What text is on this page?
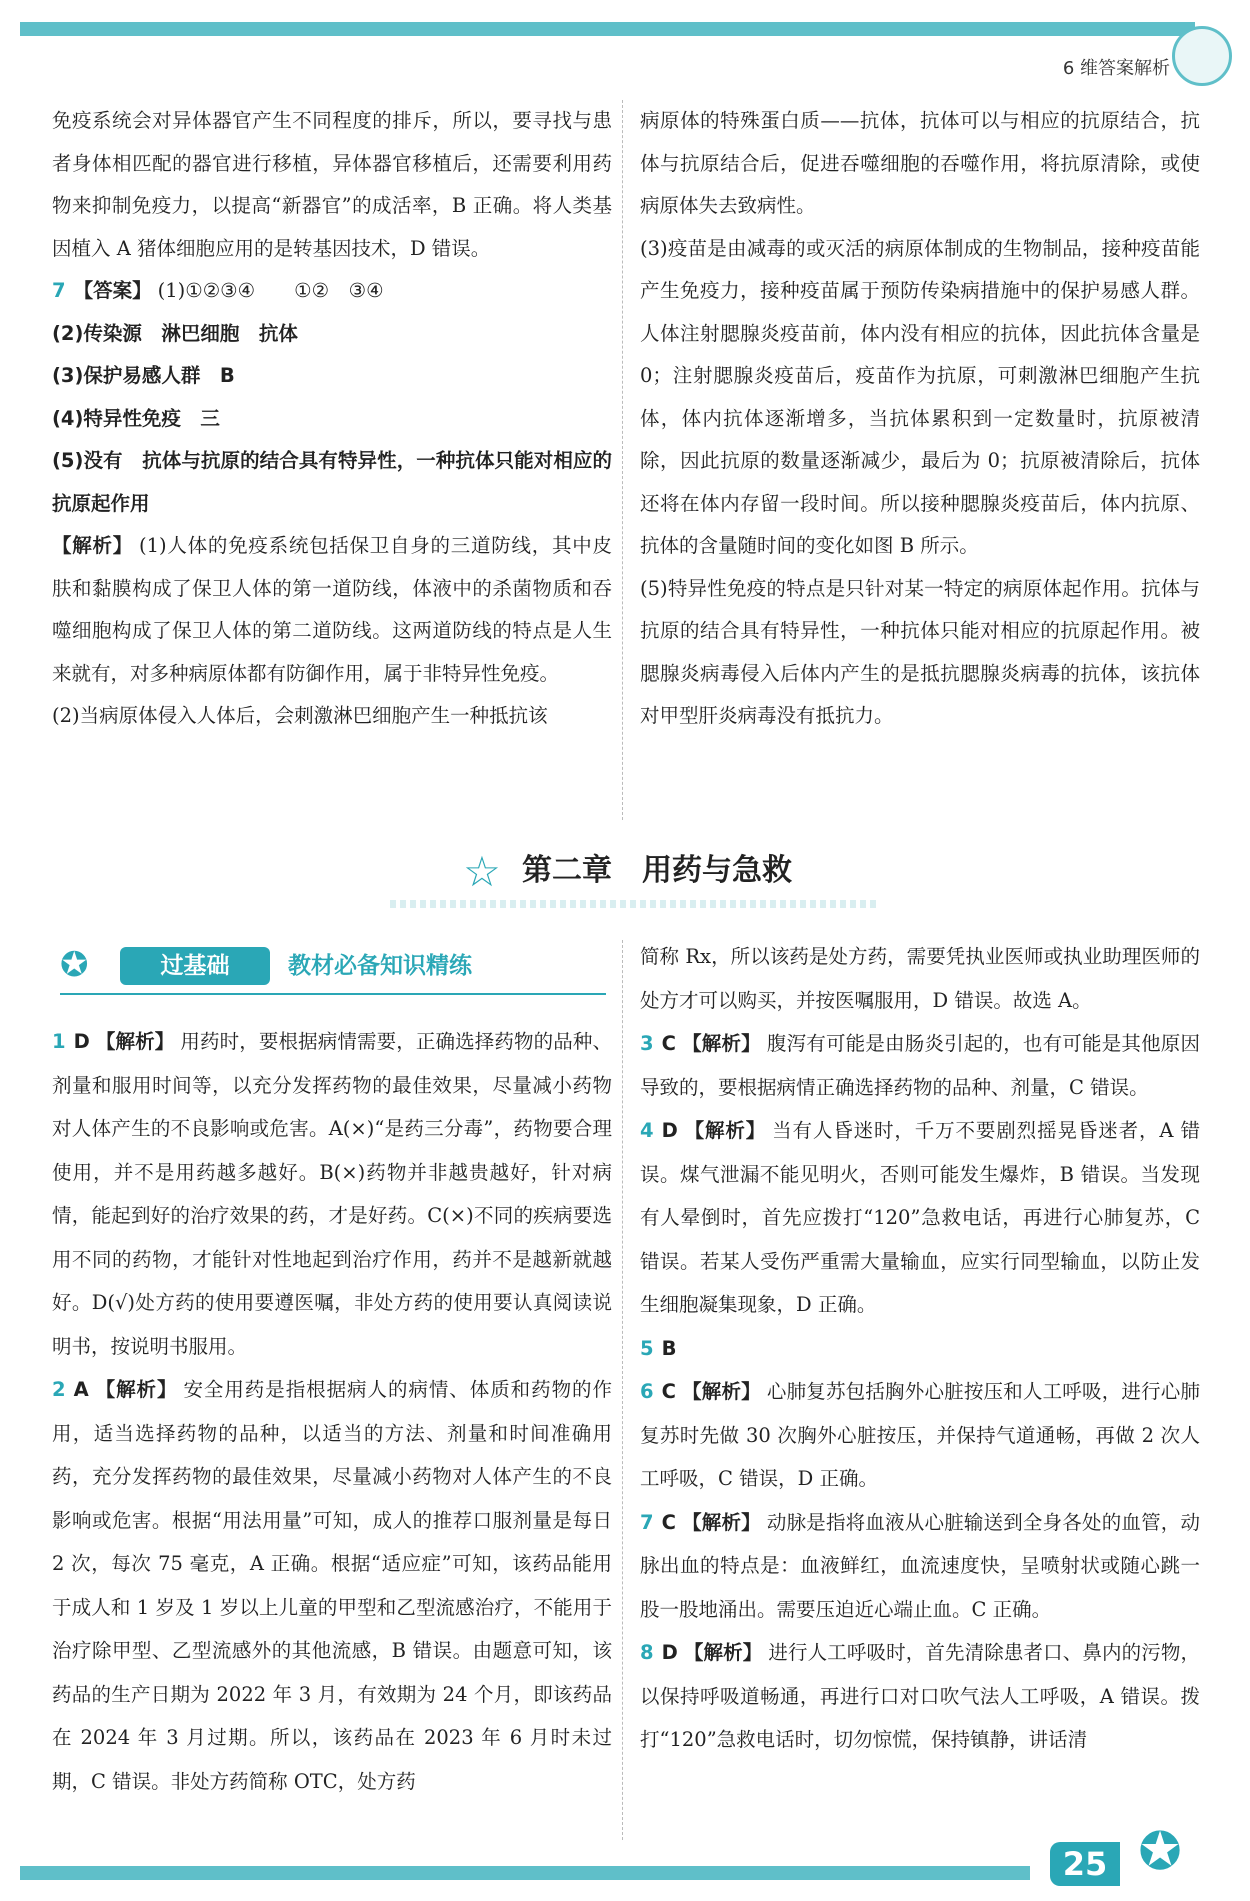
6 维答案解析

免疫系统会对异体器官产生不同程度的排斥，所以，要寻找与患者身体相匹配的器官进行移植，异体器官移植后，还需要利用药物来抑制免疫力，以提高“新器官”的成活率，B 正确。将人类基因植入 A 猪体细胞应用的是转基因技术，D 错误。

7 【答案】 (1)①②③④　　①②　③④

(2)传染源　淋巴细胞　抗体

(3)保护易感人群　B

(4)特异性免疫　三

(5)没有　抗体与抗原的结合具有特异性，一种抗体只能对相应的抗原起作用

【解析】 (1)人体的免疫系统包括保卫自身的三道防线，其中皮肤和黏膜构成了保卫人体的第一道防线，体液中的杀菌物质和吞噬细胞构成了保卫人体的第二道防线。这两道防线的特点是人生来就有，对多种病原体都有防御作用，属于非特异性免疫。

(2)当病原体侵入人体后，会刺激淋巴细胞产生一种抵抗该

病原体的特殊蛋白质——抗体，抗体可以与相应的抗原结合，抗体与抗原结合后，促进吞噬细胞的吞噬作用，将抗原清除，或使病原体失去致病性。

(3)疫苗是由减毒的或灭活的病原体制成的生物制品，接种疫苗能产生免疫力，接种疫苗属于预防传染病措施中的保护易感人群。人体注射腮腺炎疫苗前，体内没有相应的抗体，因此抗体含量是 0；注射腮腺炎疫苗后，疫苗作为抗原，可刺激淋巴细胞产生抗体，体内抗体逐渐增多，当抗体累积到一定数量时，抗原被清除，因此抗原的数量逐渐减少，最后为 0；抗原被清除后，抗体还将在体内存留一段时间。所以接种腮腺炎疫苗后，体内抗原、抗体的含量随时间的变化如图 B 所示。

(5)特异性免疫的特点是只针对某一特定的病原体起作用。抗体与抗原的结合具有特异性，一种抗体只能对相应的抗原起作用。被腮腺炎病毒侵入后体内产生的是抵抗腮腺炎病毒的抗体，该抗体对甲型肝炎病毒没有抵抗力。

☆ 第二章　用药与急救
✪	过基础	教材必备知识精练

1 D 【解析】 用药时，要根据病情需要，正确选择药物的品种、剂量和服用时间等，以充分发挥药物的最佳效果，尽量减小药物对人体产生的不良影响或危害。A(×)“是药三分毒”，药物要合理使用，并不是用药越多越好。B(×)药物并非越贵越好，针对病情，能起到好的治疗效果的药，才是好药。C(×)不同的疾病要选用不同的药物，才能针对性地起到治疗作用，药并不是越新就越好。D(√)处方药的使用要遵医嘱，非处方药的使用要认真阅读说明书，按说明书服用。

2 A 【解析】 安全用药是指根据病人的病情、体质和药物的作用，适当选择药物的品种，以适当的方法、剂量和时间准确用药，充分发挥药物的最佳效果，尽量减小药物对人体产生的不良影响或危害。根据“用法用量”可知，成人的推荐口服剂量是每日 2 次，每次 75 毫克，A 正确。根据“适应症”可知，该药品能用于成人和 1 岁及 1 岁以上儿童的甲型和乙型流感治疗，不能用于治疗除甲型、乙型流感外的其他流感，B 错误。由题意可知，该药品的生产日期为 2022 年 3 月，有效期为 24 个月，即该药品在 2024 年 3 月过期。所以，该药品在 2023 年 6 月时未过期，C 错误。非处方药简称 OTC，处方药

简称 Rx，所以该药是处方药，需要凭执业医师或执业助理医师的处方才可以购买，并按医嘱服用，D 错误。故选 A。

3 C 【解析】 腹泻有可能是由肠炎引起的，也有可能是其他原因导致的，要根据病情正确选择药物的品种、剂量，C 错误。

4 D 【解析】 当有人昏迷时，千万不要剧烈摇晃昏迷者，A 错误。煤气泄漏不能见明火，否则可能发生爆炸，B 错误。当发现有人晕倒时，首先应拨打“120”急救电话，再进行心肺复苏，C 错误。若某人受伤严重需大量输血，应实行同型输血，以防止发生细胞凝集现象，D 正确。

5 B

6 C 【解析】 心肺复苏包括胸外心脏按压和人工呼吸，进行心肺复苏时先做 30 次胸外心脏按压，并保持气道通畅，再做 2 次人工呼吸，C 错误，D 正确。

7 C 【解析】 动脉是指将血液从心脏输送到全身各处的血管，动脉出血的特点是：血液鲜红，血流速度快，呈喷射状或随心跳一股一股地涌出。需要压迫近心端止血。C 正确。

8 D 【解析】 进行人工呼吸时，首先清除患者口、鼻内的污物，以保持呼吸道畅通，再进行口对口吹气法人工呼吸，A 错误。拨打“120”急救电话时，切勿惊慌，保持镇静，讲话清

25 ✪
